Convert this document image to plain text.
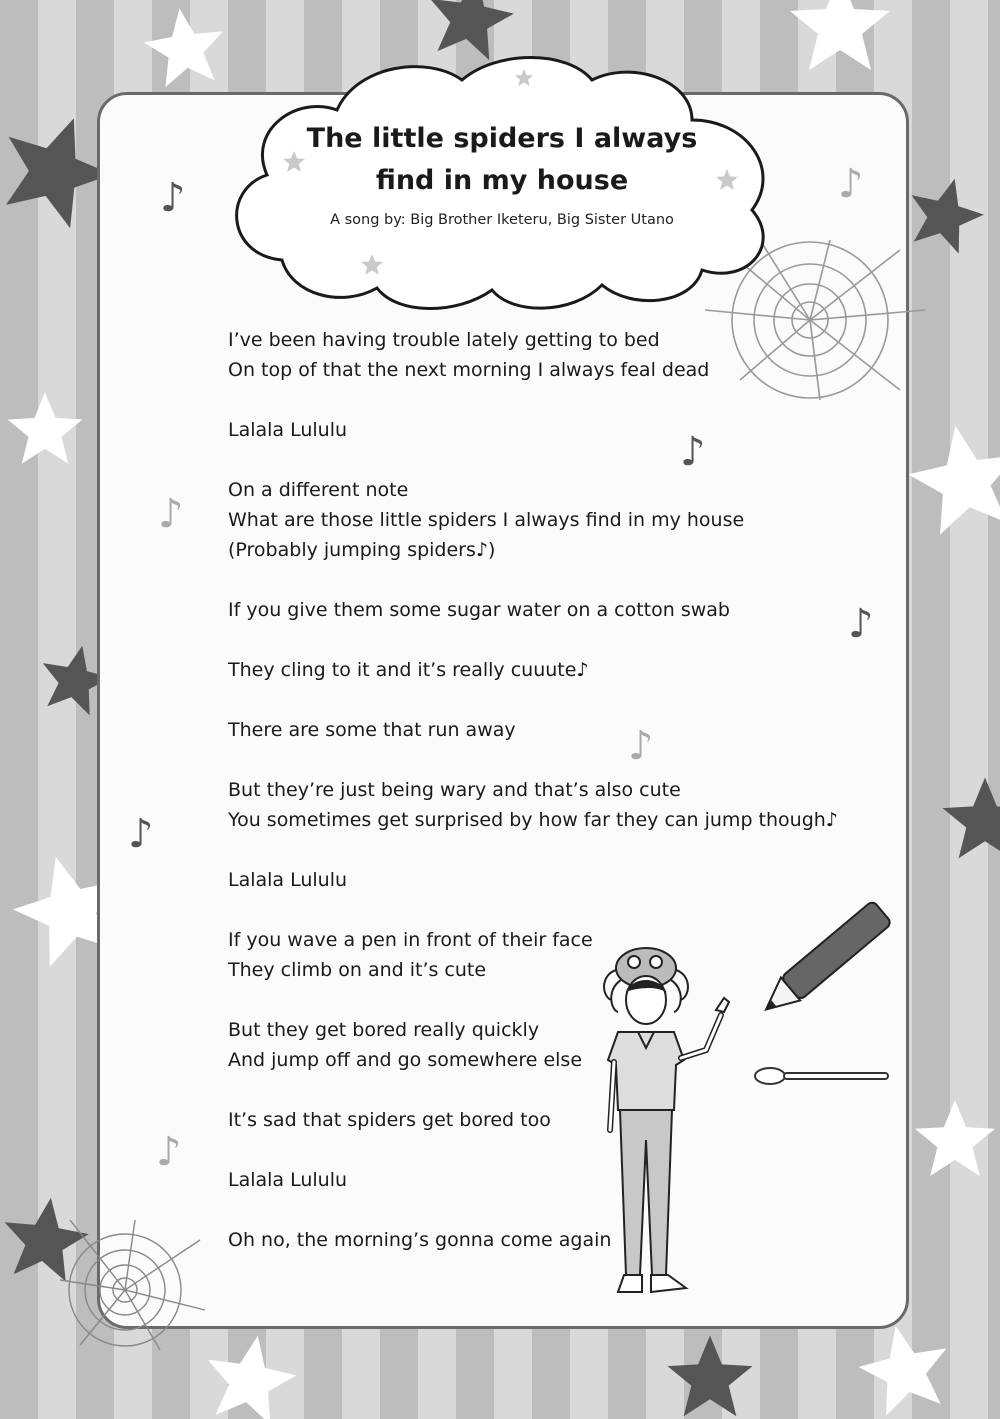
The little spiders I always
find in my house
A song by: Big Brother Iketeru, Big Sister Utano
♪	♪
♪
♪
♪
♪
♪
♪
I’ve been having trouble lately getting to bed
On top of that the next morning I always feal dead
Lalala Lululu
On a different note
What are those little spiders I always find in my house
(Probably jumping spiders♪)
If you give them some sugar water on a cotton swab
They cling to it and it’s really cuuute♪
There are some that run away
But they’re just being wary and that’s also cute
You sometimes get surprised by how far they can jump though♪
Lalala Lululu
If you wave a pen in front of their face
They climb on and it’s cute
But they get bored really quickly
And jump off and go somewhere else
It’s sad that spiders get bored too
Lalala Lululu
Oh no, the morning’s gonna come again
